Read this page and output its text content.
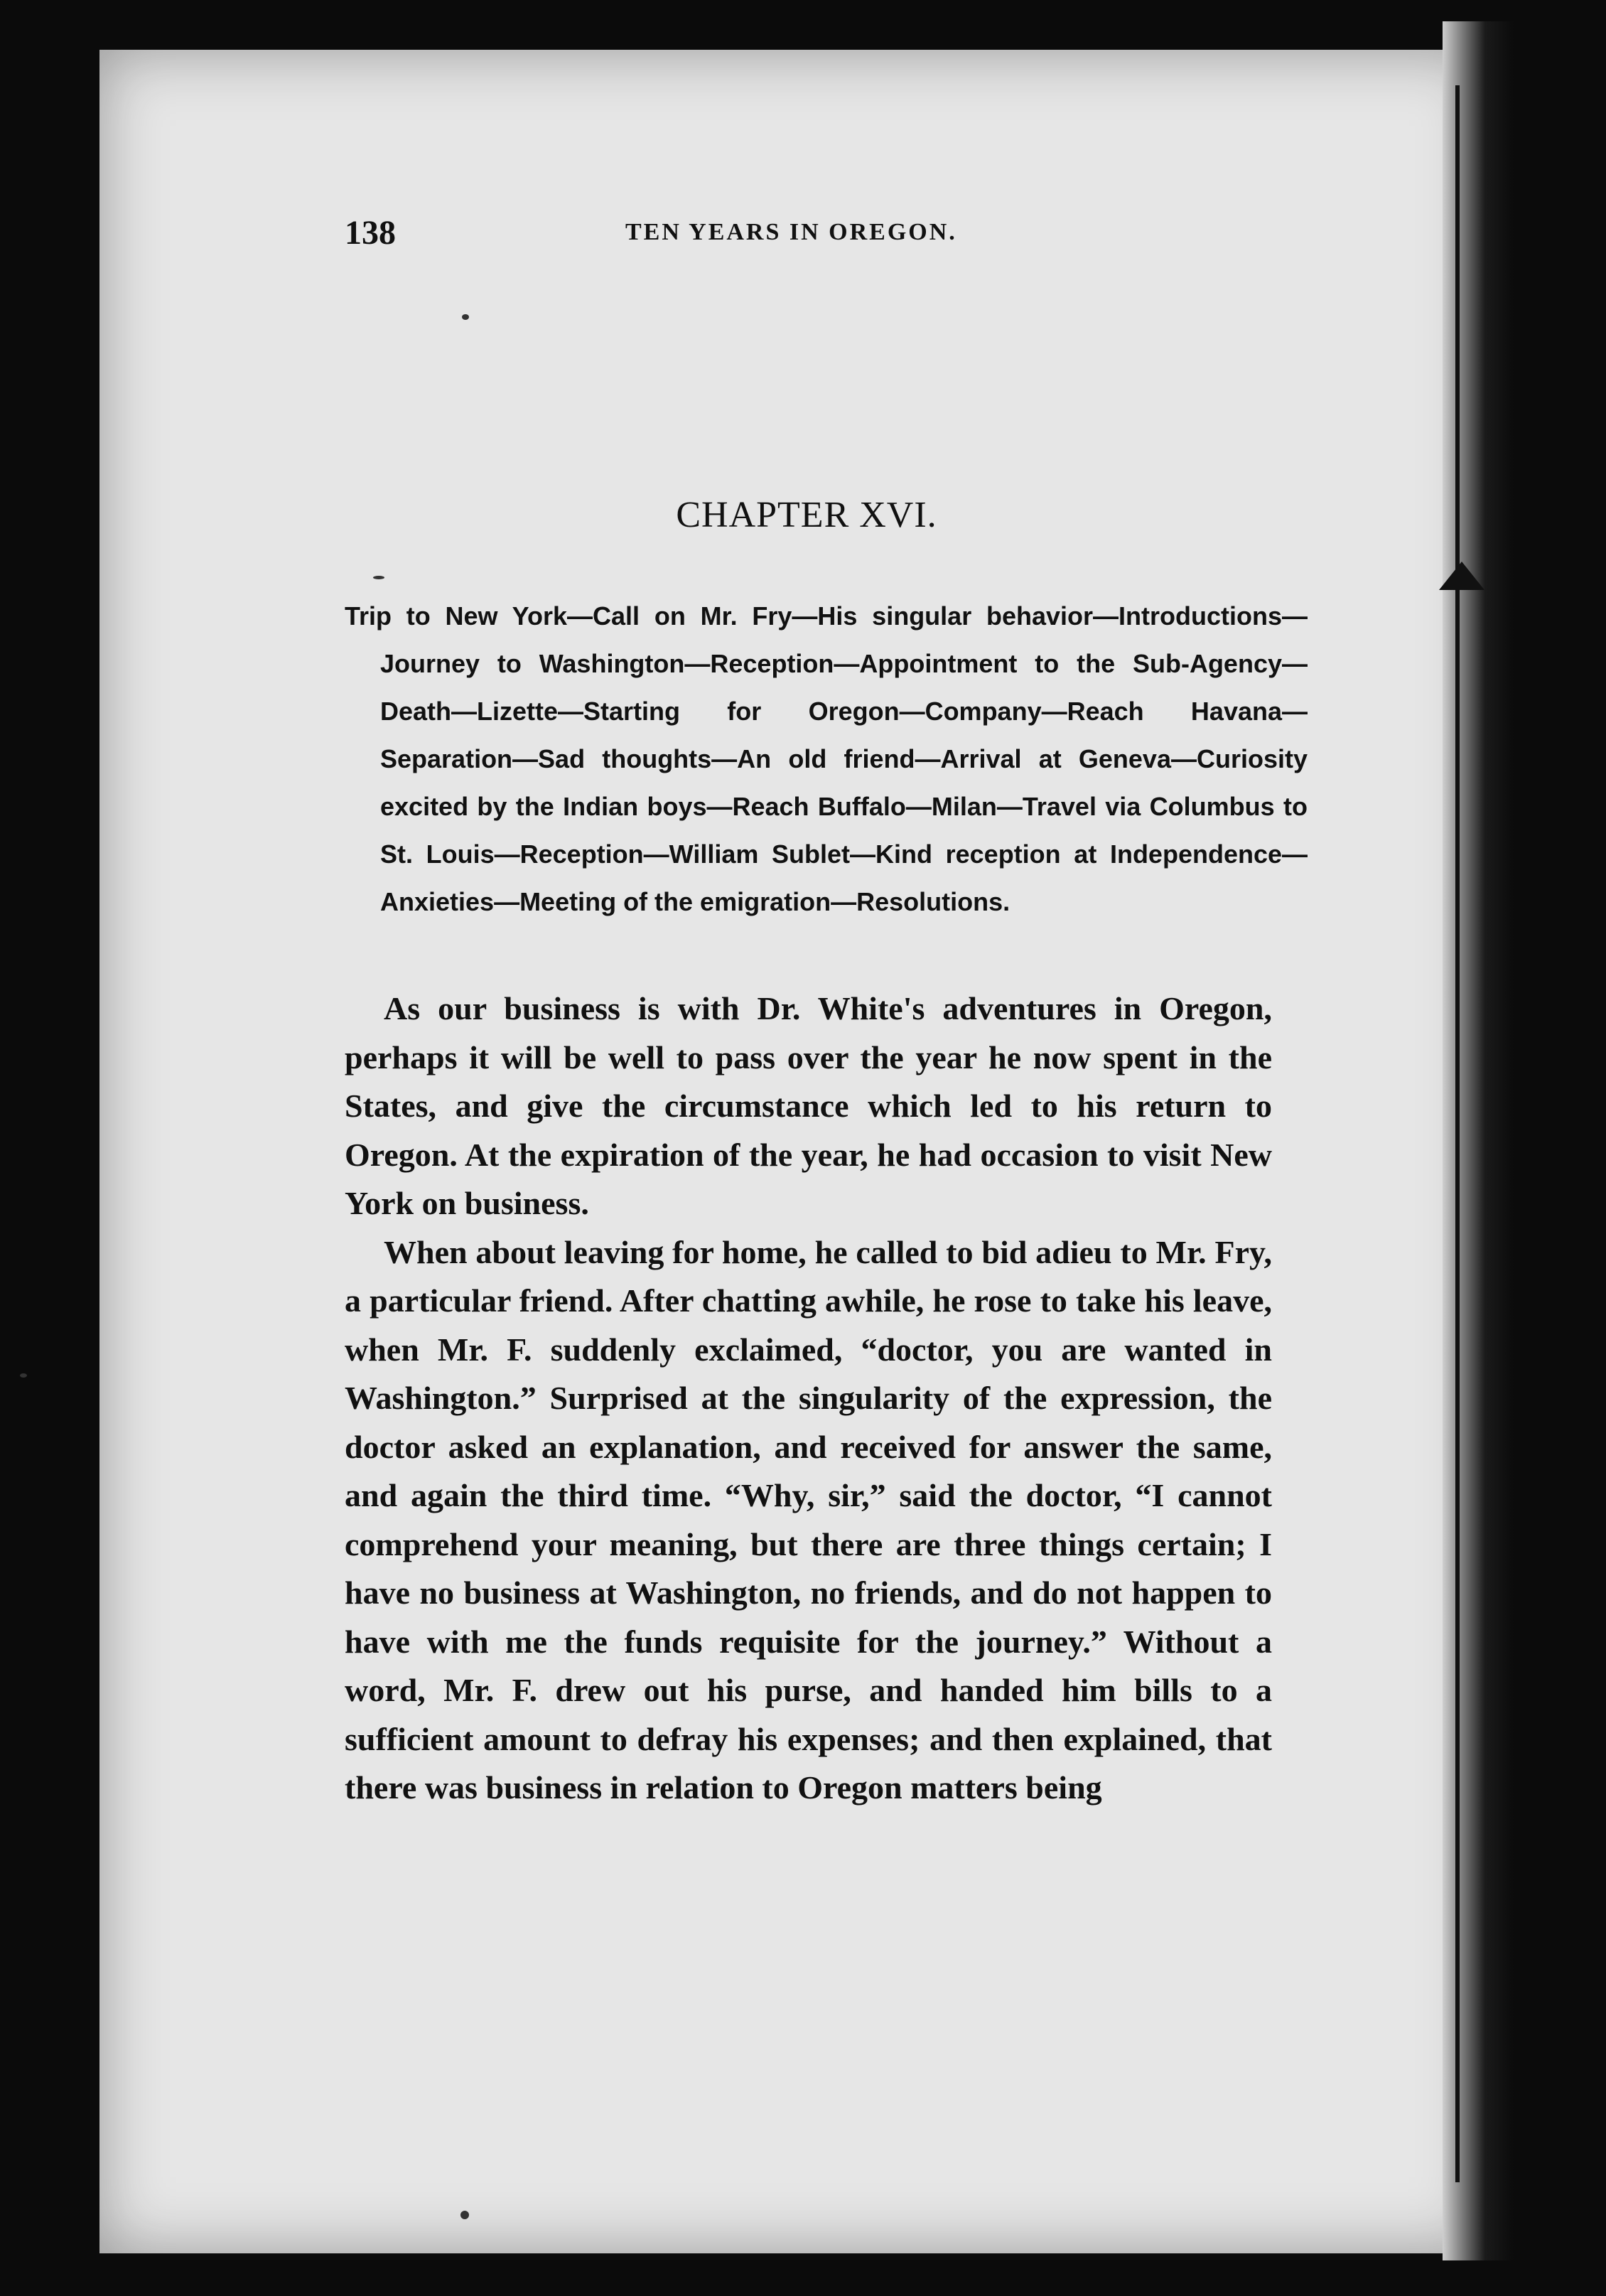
138	TEN YEARS IN OREGON.
CHAPTER XVI.

Trip to New York—Call on Mr. Fry—His singular behavior—Introductions—Journey to Washington—Reception—Appointment to the Sub-Agency—Death—Lizette—Starting for Oregon—Company—Reach Havana—Separation—Sad thoughts—An old friend—Arrival at Geneva—Curiosity excited by the Indian boys—Reach Buffalo—Milan—Travel via Columbus to St. Louis—Reception—William Sublet—Kind reception at Independence—Anxieties—Meeting of the emigration—Resolutions.

As our business is with Dr. White's adventures in Oregon, perhaps it will be well to pass over the year he now spent in the States, and give the circumstance which led to his return to Oregon. At the expiration of the year, he had occasion to visit New York on business.

When about leaving for home, he called to bid adieu to Mr. Fry, a particular friend. After chatting awhile, he rose to take his leave, when Mr. F. suddenly exclaimed, “doctor, you are wanted in Washington.” Surprised at the singularity of the expression, the doctor asked an explanation, and received for answer the same, and again the third time. “Why, sir,” said the doctor, “I cannot comprehend your meaning, but there are three things certain; I have no business at Washington, no friends, and do not happen to have with me the funds requisite for the journey.” Without a word, Mr. F. drew out his purse, and handed him bills to a sufficient amount to defray his expenses; and then explained, that there was business in relation to Oregon matters being
